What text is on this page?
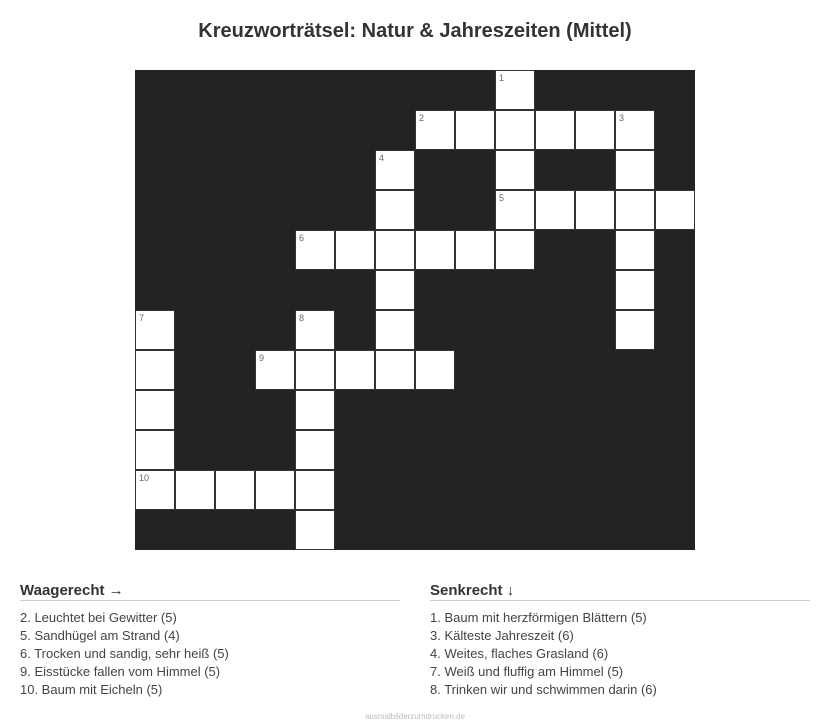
Kreuzworträtsel: Natur & Jahreszeiten (Mittel)
1
2	3
4
5
6
7	8
9
10
Waagerecht →
2. Leuchtet bei Gewitter (5)
5. Sandhügel am Strand (4)
6. Trocken und sandig, sehr heiß (5)
9. Eisstücke fallen vom Himmel (5)
10. Baum mit Eicheln (5)
Senkrecht ↓
1. Baum mit herzförmigen Blättern (5)
3. Kälteste Jahreszeit (6)
4. Weites, flaches Grasland (6)
7. Weiß und fluffig am Himmel (5)
8. Trinken wir und schwimmen darin (6)
ausmalbilderzumdrucken.de
